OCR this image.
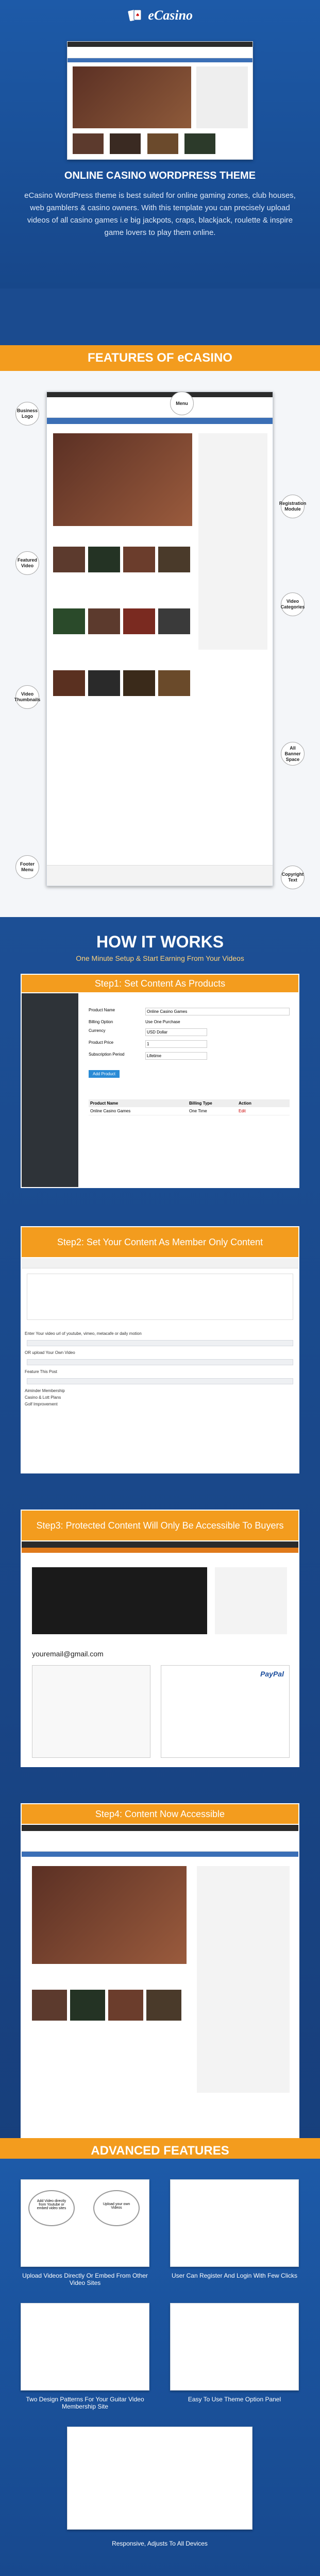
♠ eCasino

ONLINE CASINO WORDPRESS THEME
eCasino WordPress theme is best suited for online gaming zones, club houses, web gamblers & casino owners. With this template you can precisely upload videos of all casino games i.e big jackpots, craps, blackjack, roulette & inspire game lovers to play them online.
FEATURES OF eCASINO
Business Logo
Menu
Registration Module
Featured Video
Video Categories
Video Thumbnails
All Banner Space
Footer Menu
Copyright Text
HOW IT WORKS
One Minute Setup & Start Earning From Your Videos
Step1: Set Content As Products
Product Name	Online Casino Games
Billing Option	Use One Purchase
Currency	USD Dollar
Product Price	1
Subscription Period	Lifetime
Add Product
Product Name	Billing Type	Action
Online Casino Games	One Time	Edit
Step2: Set Your Content As Member Only Content
Enter Your video url of youtube, vimeo, metacafe or daily motion
OR upload Your Own Video
Feature This Post
Aiminder Membership
Casino & Lott Plans
Golf Improvement
Step3: Protected Content Will Only Be Accessible To Buyers
youremail@gmail.com
PayPal
Step4: Content Now Accessible
ADVANCED FEATURES
Add Video directly from Youtube or embed video sites
Upload your own Videos
Upload Videos Directly Or Embed From Other Video Sites
User Can Register And Login With Few Clicks
Two Design Patterns For Your Guitar Video Membership Site
Easy To Use Theme Option Panel
Responsive, Adjusts To All Devices
